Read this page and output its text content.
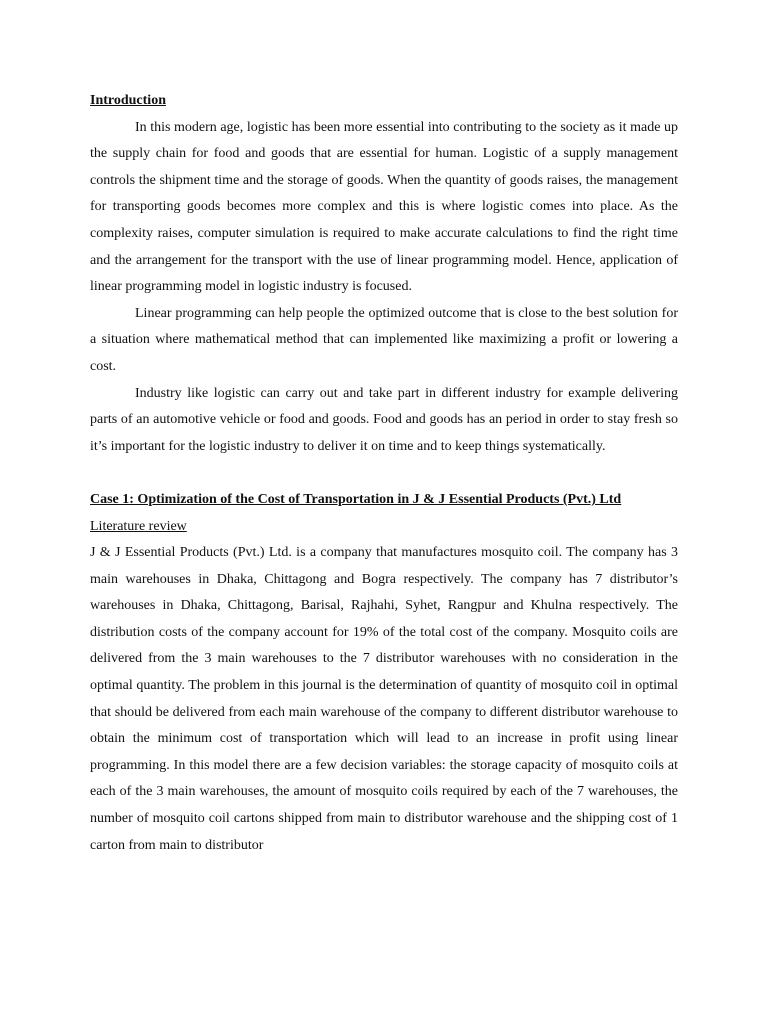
Introduction

In this modern age, logistic has been more essential into contributing to the society as it made up the supply chain for food and goods that are essential for human. Logistic of a supply management controls the shipment time and the storage of goods. When the quantity of goods raises, the management for transporting goods becomes more complex and this is where logistic comes into place. As the complexity raises, computer simulation is required to make accurate calculations to find the right time and the arrangement for the transport with the use of linear programming model. Hence, application of linear programming model in logistic industry is focused.

Linear programming can help people the optimized outcome that is close to the best solution for a situation where mathematical method that can implemented like maximizing a profit or lowering a cost.

Industry like logistic can carry out and take part in different industry for example delivering parts of an automotive vehicle or food and goods. Food and goods has an period in order to stay fresh so it’s important for the logistic industry to deliver it on time and to keep things systematically.

Case 1: Optimization of the Cost of Transportation in J & J Essential Products (Pvt.) Ltd
Literature review

J & J Essential Products (Pvt.) Ltd. is a company that manufactures mosquito coil. The company has 3 main warehouses in Dhaka, Chittagong and Bogra respectively. The company has 7 distributor’s warehouses in Dhaka, Chittagong, Barisal, Rajhahi, Syhet, Rangpur and Khulna respectively. The distribution costs of the company account for 19% of the total cost of the company. Mosquito coils are delivered from the 3 main warehouses to the 7 distributor warehouses with no consideration in the optimal quantity. The problem in this journal is the determination of quantity of mosquito coil in optimal that should be delivered from each main warehouse of the company to different distributor warehouse to obtain the minimum cost of transportation which will lead to an increase in profit using linear programming. In this model there are a few decision variables: the storage capacity of mosquito coils at each of the 3 main warehouses, the amount of mosquito coils required by each of the 7 warehouses, the number of mosquito coil cartons shipped from main to distributor warehouse and the shipping cost of 1 carton from main to distributor
